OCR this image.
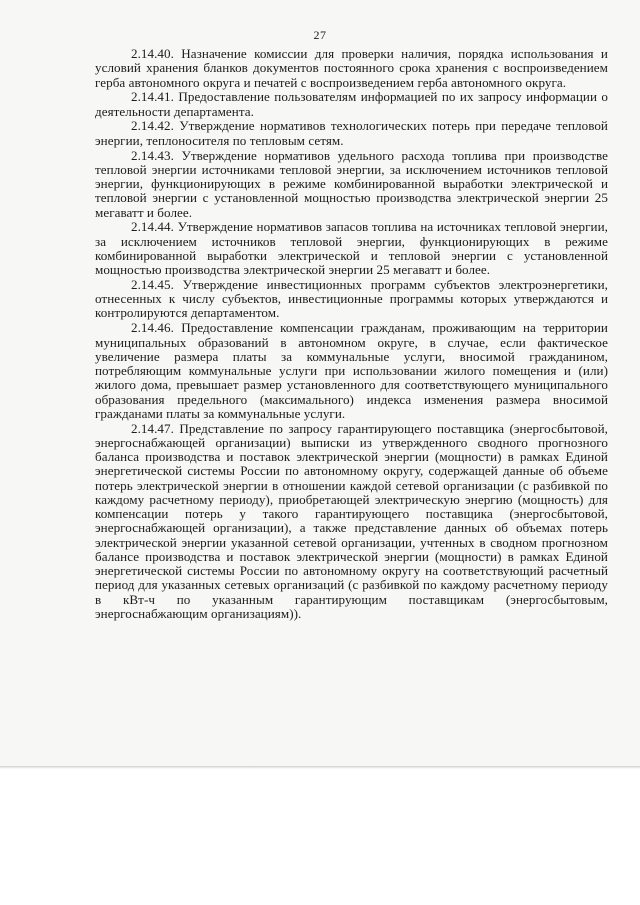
27

2.14.40. Назначение комиссии для проверки наличия, порядка использования и условий хранения бланков документов постоянного срока хранения с воспроизведением герба автономного округа и печатей с воспроизведением герба автономного округа.

2.14.41. Предоставление пользователям информацией по их запросу информации о деятельности департамента.

2.14.42. Утверждение нормативов технологических потерь при передаче тепловой энергии, теплоносителя по тепловым сетям.

2.14.43. Утверждение нормативов удельного расхода топлива при производстве тепловой энергии источниками тепловой энергии, за исключением источников тепловой энергии, функционирующих в режиме комбинированной выработки электрической и тепловой энергии с установленной мощностью производства электрической энергии 25 мегаватт и более.

2.14.44. Утверждение нормативов запасов топлива на источниках тепловой энергии, за исключением источников тепловой энергии, функционирующих в режиме комбинированной выработки электрической и тепловой энергии с установленной мощностью производства электрической энергии 25 мегаватт и более.

2.14.45. Утверждение инвестиционных программ субъектов электроэнергетики, отнесенных к числу субъектов, инвестиционные программы которых утверждаются и контролируются департаментом.

2.14.46. Предоставление компенсации гражданам, проживающим на территории муниципальных образований в автономном округе, в случае, если фактическое увеличение размера платы за коммунальные услуги, вносимой гражданином, потребляющим коммунальные услуги при использовании жилого помещения и (или) жилого дома, превышает размер установленного для соответствующего муниципального образования предельного (максимального) индекса изменения размера вносимой гражданами платы за коммунальные услуги.

2.14.47. Представление по запросу гарантирующего поставщика (энергосбытовой, энергоснабжающей организации) выписки из утвержденного сводного прогнозного баланса производства и поставок электрической энергии (мощности) в рамках Единой энергетической системы России по автономному округу, содержащей данные об объеме потерь электрической энергии в отношении каждой сетевой организации (с разбивкой по каждому расчетному периоду), приобретающей электрическую энергию (мощность) для компенсации потерь у такого гарантирующего поставщика (энергосбытовой, энергоснабжающей организации), а также представление данных об объемах потерь электрической энергии указанной сетевой организации, учтенных в сводном прогнозном балансе производства и поставок электрической энергии (мощности) в рамках Единой энергетической системы России по автономному округу на соответствующий расчетный период для указанных сетевых организаций (с разбивкой по каждому расчетному периоду в кВт-ч по указанным гарантирующим поставщикам (энергосбытовым, энергоснабжающим организациям)).
